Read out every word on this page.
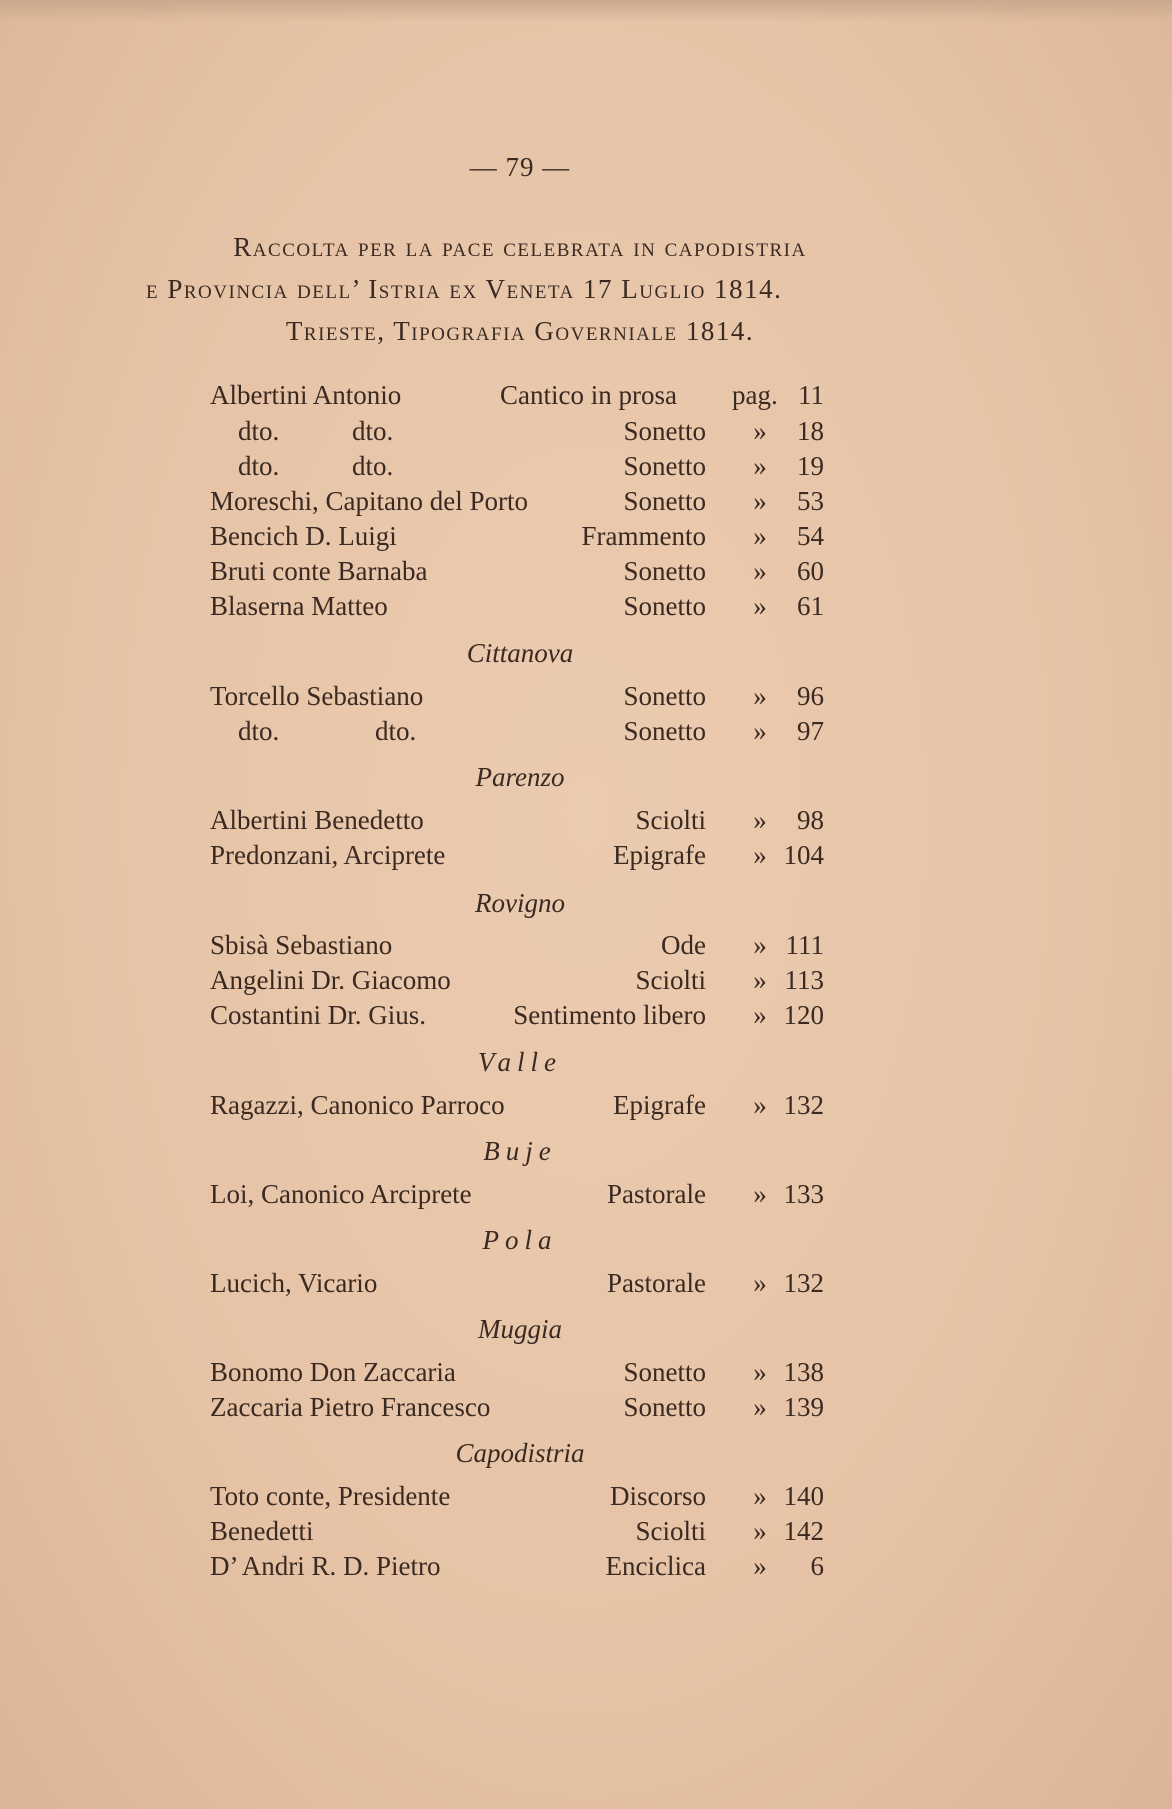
— 79 —
Raccolta per la pace celebrata in capodistria
e Provincia dell’ Istria ex Veneta 17 Luglio 1814.
Trieste, Tipografia Governiale 1814.
Albertini Antonio	Cantico in prosa pag. 11
dto.	dto.	Sonetto	»	18
dto.	dto.	Sonetto	»	19
Moreschi, Capitano del Porto	Sonetto	»	53
Bencich D. Luigi	Frammento	»	54
Bruti conte Barnaba	Sonetto	»	60
Blaserna Matteo	Sonetto	»	61
Cittanova
Torcello Sebastiano	Sonetto	»	96
dto.	dto.	Sonetto	»	97
Parenzo
Albertini Benedetto	Sciolti	»	98
Predonzani, Arciprete	Epigrafe	» 104
Rovigno
Sbisà Sebastiano	Ode	» 111
Angelini Dr. Giacomo	Sciolti	» 113
Costantini Dr. Gius.	Sentimento libero	» 120
Valle
Ragazzi, Canonico Parroco	Epigrafe	» 132
Buje
Loi, Canonico Arciprete	Pastorale	» 133
Pola
Lucich, Vicario	Pastorale	» 132
Muggia
Bonomo Don Zaccaria	Sonetto	» 138
Zaccaria Pietro Francesco	Sonetto	» 139
Capodistria
Toto conte, Presidente	Discorso	» 140
Benedetti	Sciolti	» 142
D’ Andri R. D. Pietro	Enciclica	»	6
